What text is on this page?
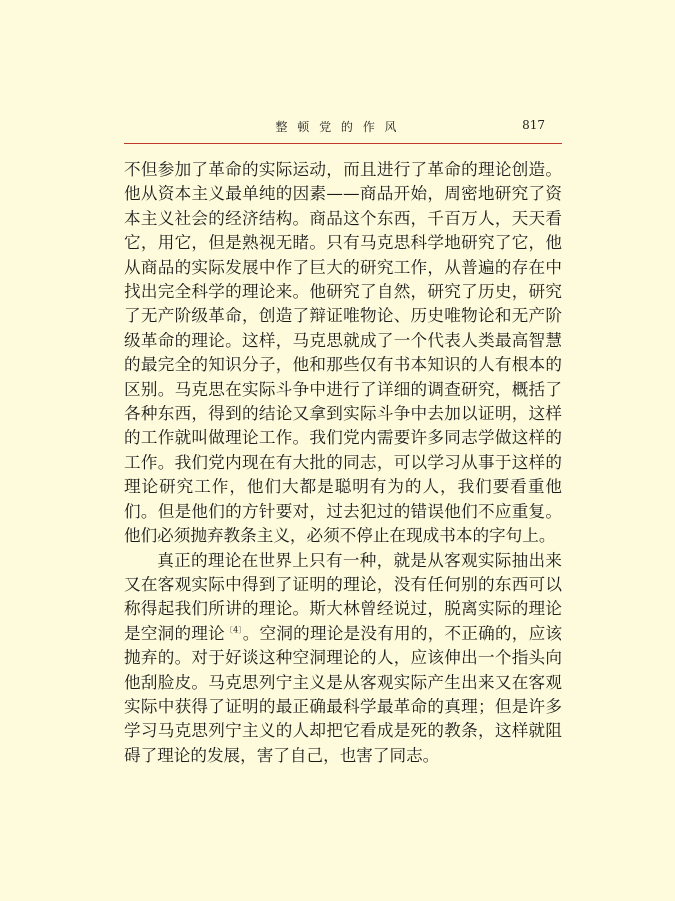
整 顿 党 的 作 风	817

不但参加了革命的实际运动，而且进行了革命的理论创造。他从资本主义最单纯的因素——商品开始，周密地研究了资本主义社会的经济结构。商品这个东西，千百万人，天天看它，用它，但是熟视无睹。只有马克思科学地研究了它，他从商品的实际发展中作了巨大的研究工作，从普遍的存在中找出完全科学的理论来。他研究了自然，研究了历史，研究了无产阶级革命，创造了辩证唯物论、历史唯物论和无产阶级革命的理论。这样，马克思就成了一个代表人类最高智慧的最完全的知识分子，他和那些仅有书本知识的人有根本的区别。马克思在实际斗争中进行了详细的调查研究，概括了各种东西，得到的结论又拿到实际斗争中去加以证明，这样的工作就叫做理论工作。我们党内需要许多同志学做这样的工作。我们党内现在有大批的同志，可以学习从事于这样的理论研究工作，他们大都是聪明有为的人，我们要看重他们。但是他们的方针要对，过去犯过的错误他们不应重复。他们必须抛弃教条主义，必须不停止在现成书本的字句上。

真正的理论在世界上只有一种，就是从客观实际抽出来又在客观实际中得到了证明的理论，没有任何别的东西可以称得起我们所讲的理论。斯大林曾经说过，脱离实际的理论是空洞的理论$^{〔4〕}$。空洞的理论是没有用的，不正确的，应该抛弃的。对于好谈这种空洞理论的人，应该伸出一个指头向他刮脸皮。马克思列宁主义是从客观实际产生出来又在客观实际中获得了证明的最正确最科学最革命的真理；但是许多学习马克思列宁主义的人却把它看成是死的教条，这样就阻碍了理论的发展，害了自己，也害了同志。
